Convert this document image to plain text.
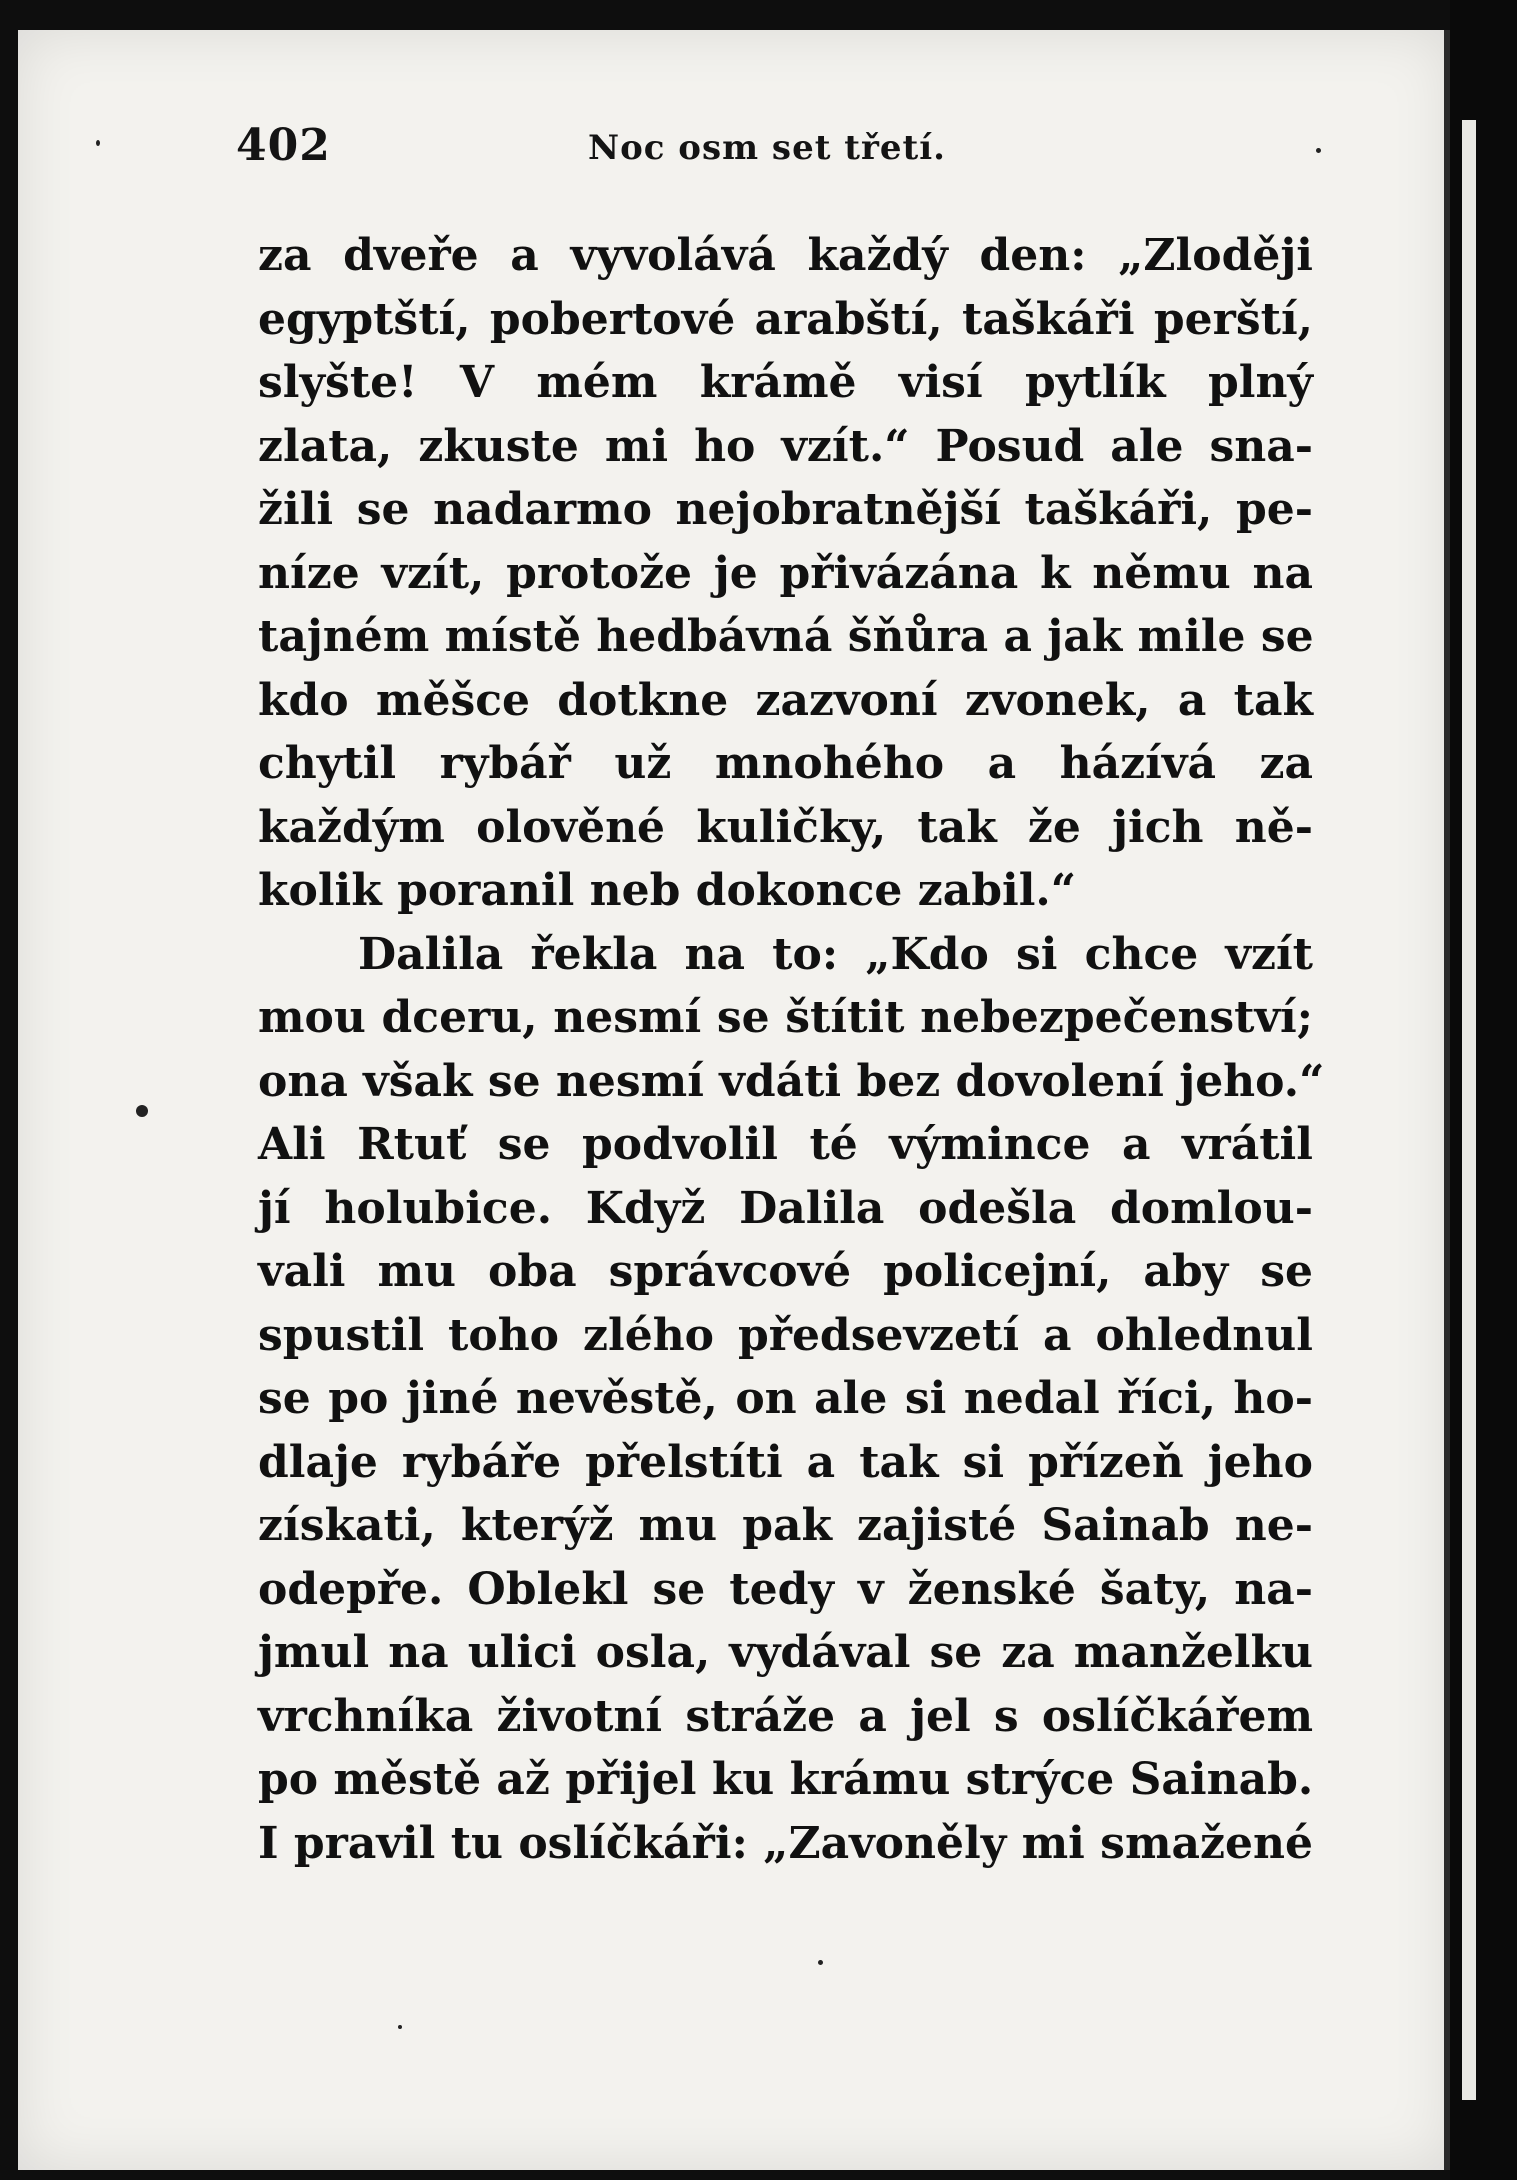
402	Noc osm set třetí.
za dveře a vyvolává každý den: „Zloději
egyptští, pobertové arabští, taškáři perští,
slyšte! V mém krámě visí pytlík plný
zlata, zkuste mi ho vzít.“ Posud ale sna-
žili se nadarmo nejobratnější taškáři, pe-
níze vzít, protože je přivázána k němu na
tajném místě hedbávná šňůra a jak mile se
kdo měšce dotkne zazvoní zvonek, a tak
chytil rybář už mnohého a házívá za
každým olověné kuličky, tak že jich ně-
kolik poranil neb dokonce zabil.“
Dalila řekla na to: „Kdo si chce vzít
mou dceru, nesmí se štítit nebezpečenství;
ona však se nesmí vdáti bez dovolení jeho.“
Ali Rtuť se podvolil té výmince a vrátil
jí holubice. Když Dalila odešla domlou-
vali mu oba správcové policejní, aby se
spustil toho zlého předsevzetí a ohlednul
se po jiné nevěstě, on ale si nedal říci, ho-
dlaje rybáře přelstíti a tak si přízeň jeho
získati, kterýž mu pak zajisté Sainab ne-
odepře. Oblekl se tedy v ženské šaty, na-
jmul na ulici osla, vydával se za manželku
vrchníka životní stráže a jel s oslíčkářem
po městě až přijel ku krámu strýce Sainab.
I pravil tu oslíčkáři: „Zavoněly mi smažené
